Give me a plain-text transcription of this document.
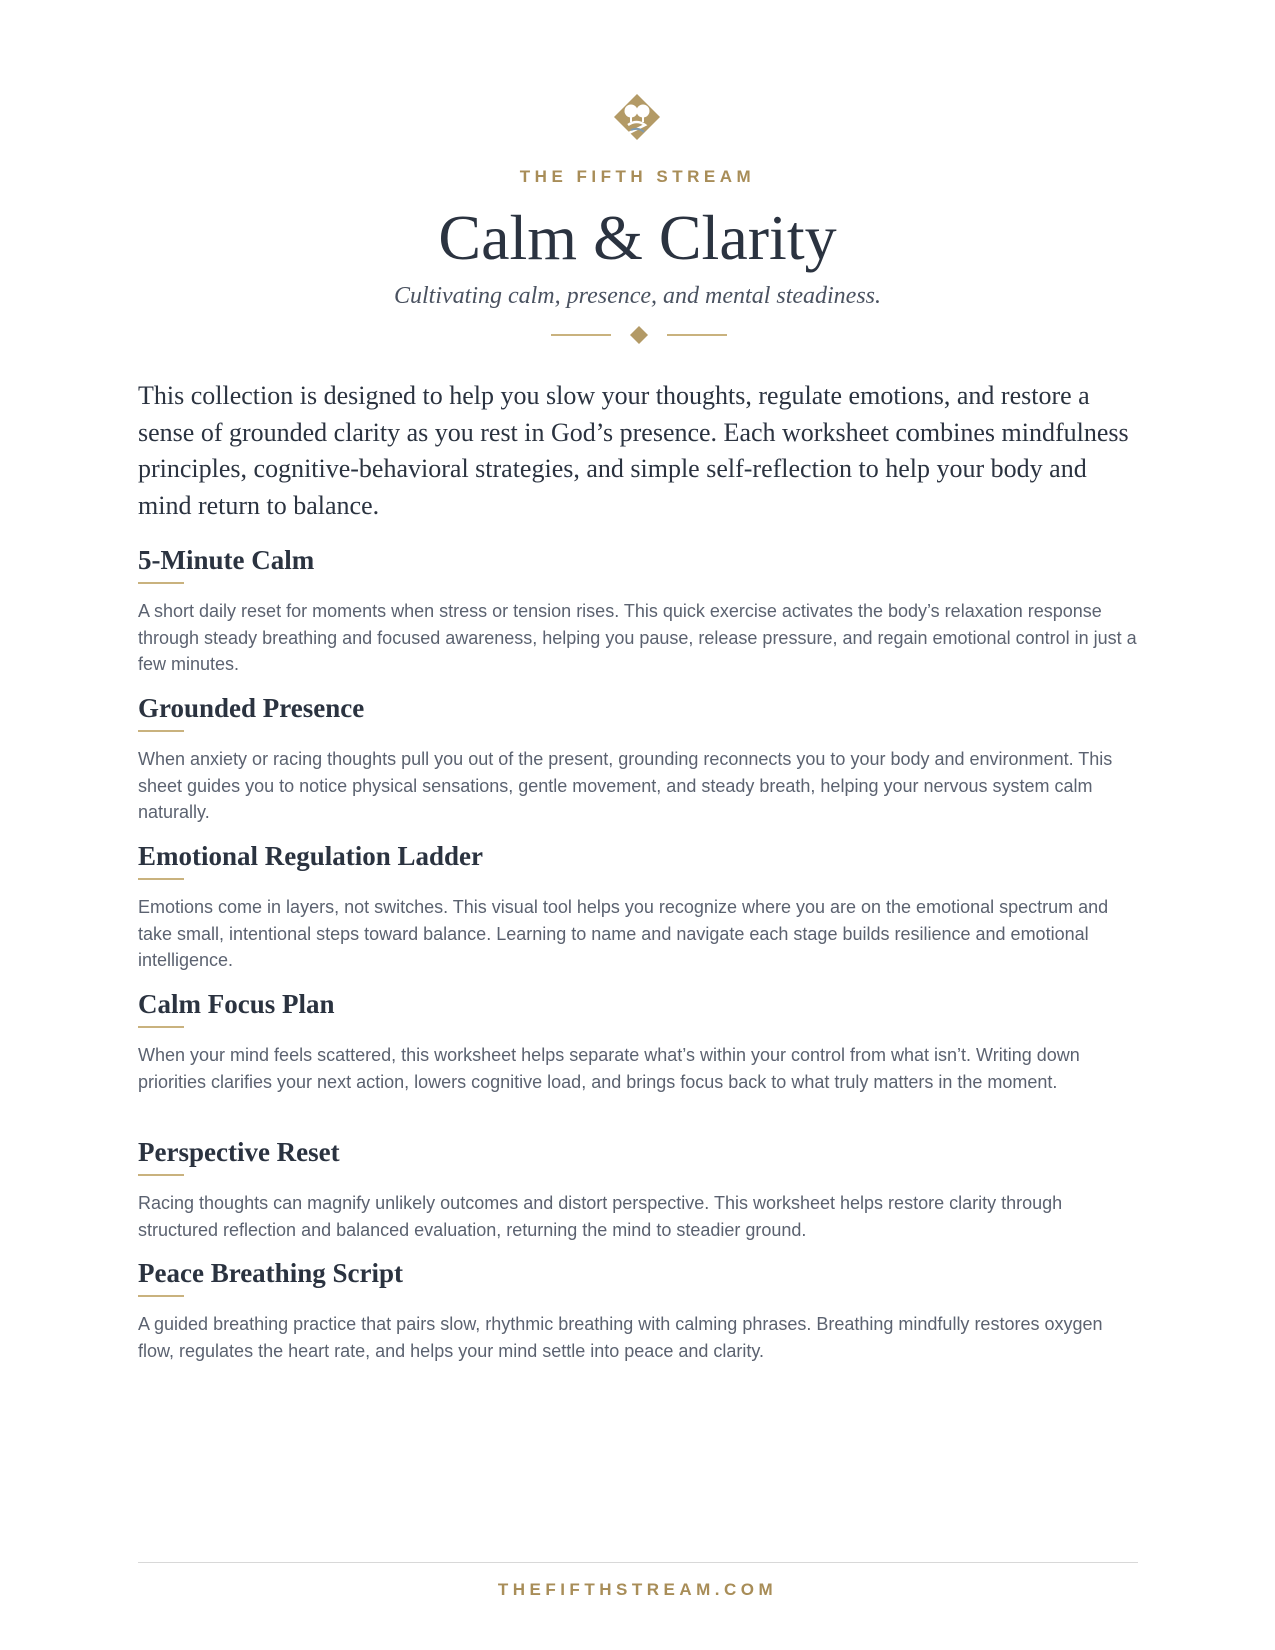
THE FIFTH STREAM
Calm & Clarity
Cultivating calm, presence, and mental steadiness.

This collection is designed to help you slow your thoughts, regulate emotions, and restore a sense of grounded clarity as you rest in God’s presence. Each worksheet combines mindfulness principles, cognitive-behavioral strategies, and simple self-reflection to help your body and mind return to balance.

5-Minute Calm

A short daily reset for moments when stress or tension rises. This quick exercise activates the body’s relaxation response through steady breathing and focused awareness, helping you pause, release pressure, and regain emotional control in just a few minutes.

Grounded Presence

When anxiety or racing thoughts pull you out of the present, grounding reconnects you to your body and environment. This sheet guides you to notice physical sensations, gentle movement, and steady breath, helping your nervous system calm naturally.

Emotional Regulation Ladder

Emotions come in layers, not switches. This visual tool helps you recognize where you are on the emotional spectrum and take small, intentional steps toward balance. Learning to name and navigate each stage builds resilience and emotional intelligence.

Calm Focus Plan

When your mind feels scattered, this worksheet helps separate what’s within your control from what isn’t. Writing down priorities clarifies your next action, lowers cognitive load, and brings focus back to what truly matters in the moment.

Perspective Reset

Racing thoughts can magnify unlikely outcomes and distort perspective. This worksheet helps restore clarity through structured reflection and balanced evaluation, returning the mind to steadier ground.

Peace Breathing Script

A guided breathing practice that pairs slow, rhythmic breathing with calming phrases. Breathing mindfully restores oxygen flow, regulates the heart rate, and helps your mind settle into peace and clarity.

THEFIFTHSTREAM.COM
